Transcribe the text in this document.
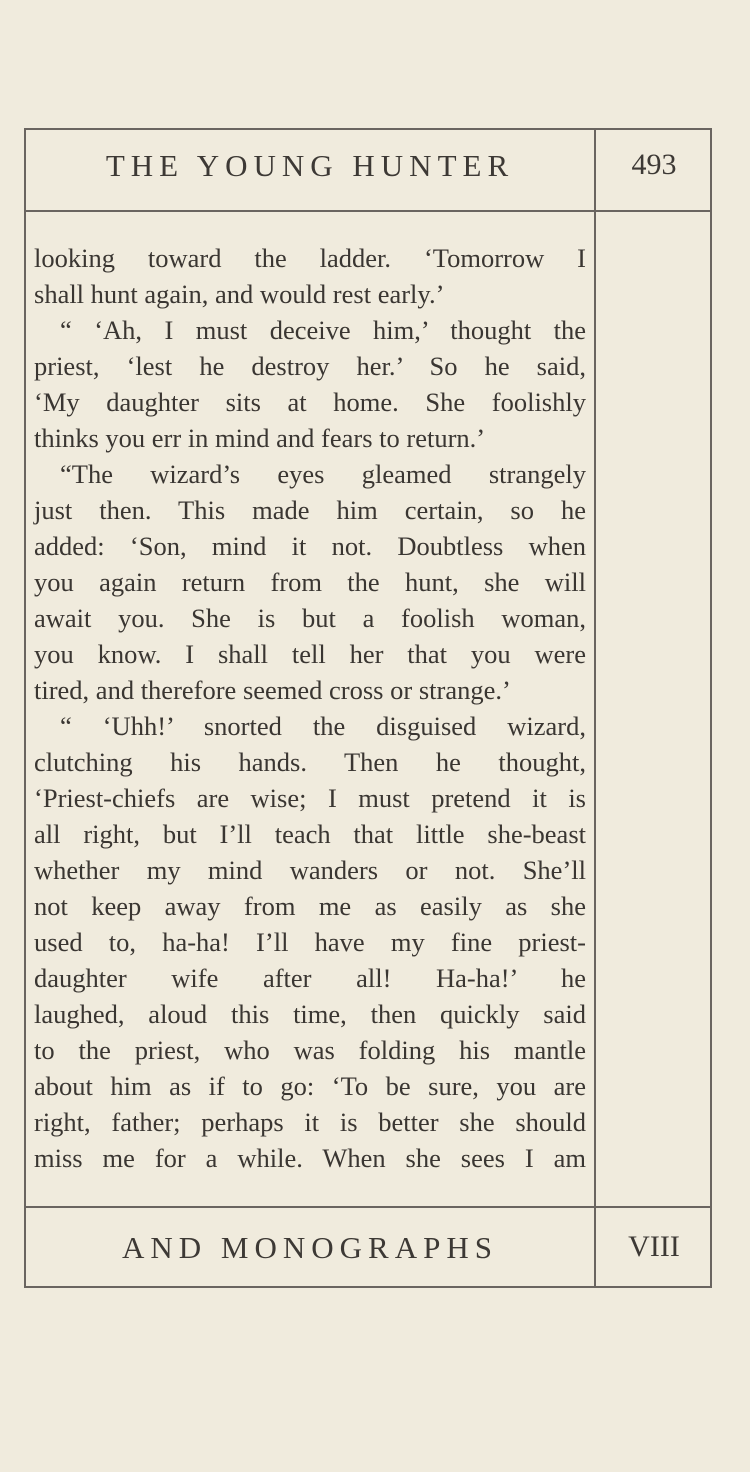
THE YOUNG HUNTER	493
looking toward the ladder. ‘Tomorrow I
shall hunt again, and would rest early.’
“ ‘Ah, I must deceive him,’ thought the
priest, ‘lest he destroy her.’ So he said,
‘My daughter sits at home. She foolishly
thinks you err in mind and fears to return.’
“The wizard’s eyes gleamed strangely
just then. This made him certain, so he
added: ‘Son, mind it not. Doubtless when
you again return from the hunt, she will
await you. She is but a foolish woman,
you know. I shall tell her that you were
tired, and therefore seemed cross or strange.’
“ ‘Uhh!’ snorted the disguised wizard,
clutching his hands. Then he thought,
‘Priest-chiefs are wise; I must pretend it is
all right, but I’ll teach that little she-beast
whether my mind wanders or not. She’ll
not keep away from me as easily as she
used to, ha-ha! I’ll have my fine priest-
daughter wife after all! Ha-ha!’ he
laughed, aloud this time, then quickly said
to the priest, who was folding his mantle
about him as if to go: ‘To be sure, you are
right, father; perhaps it is better she should
miss me for a while. When she sees I am
AND MONOGRAPHS	VIII
